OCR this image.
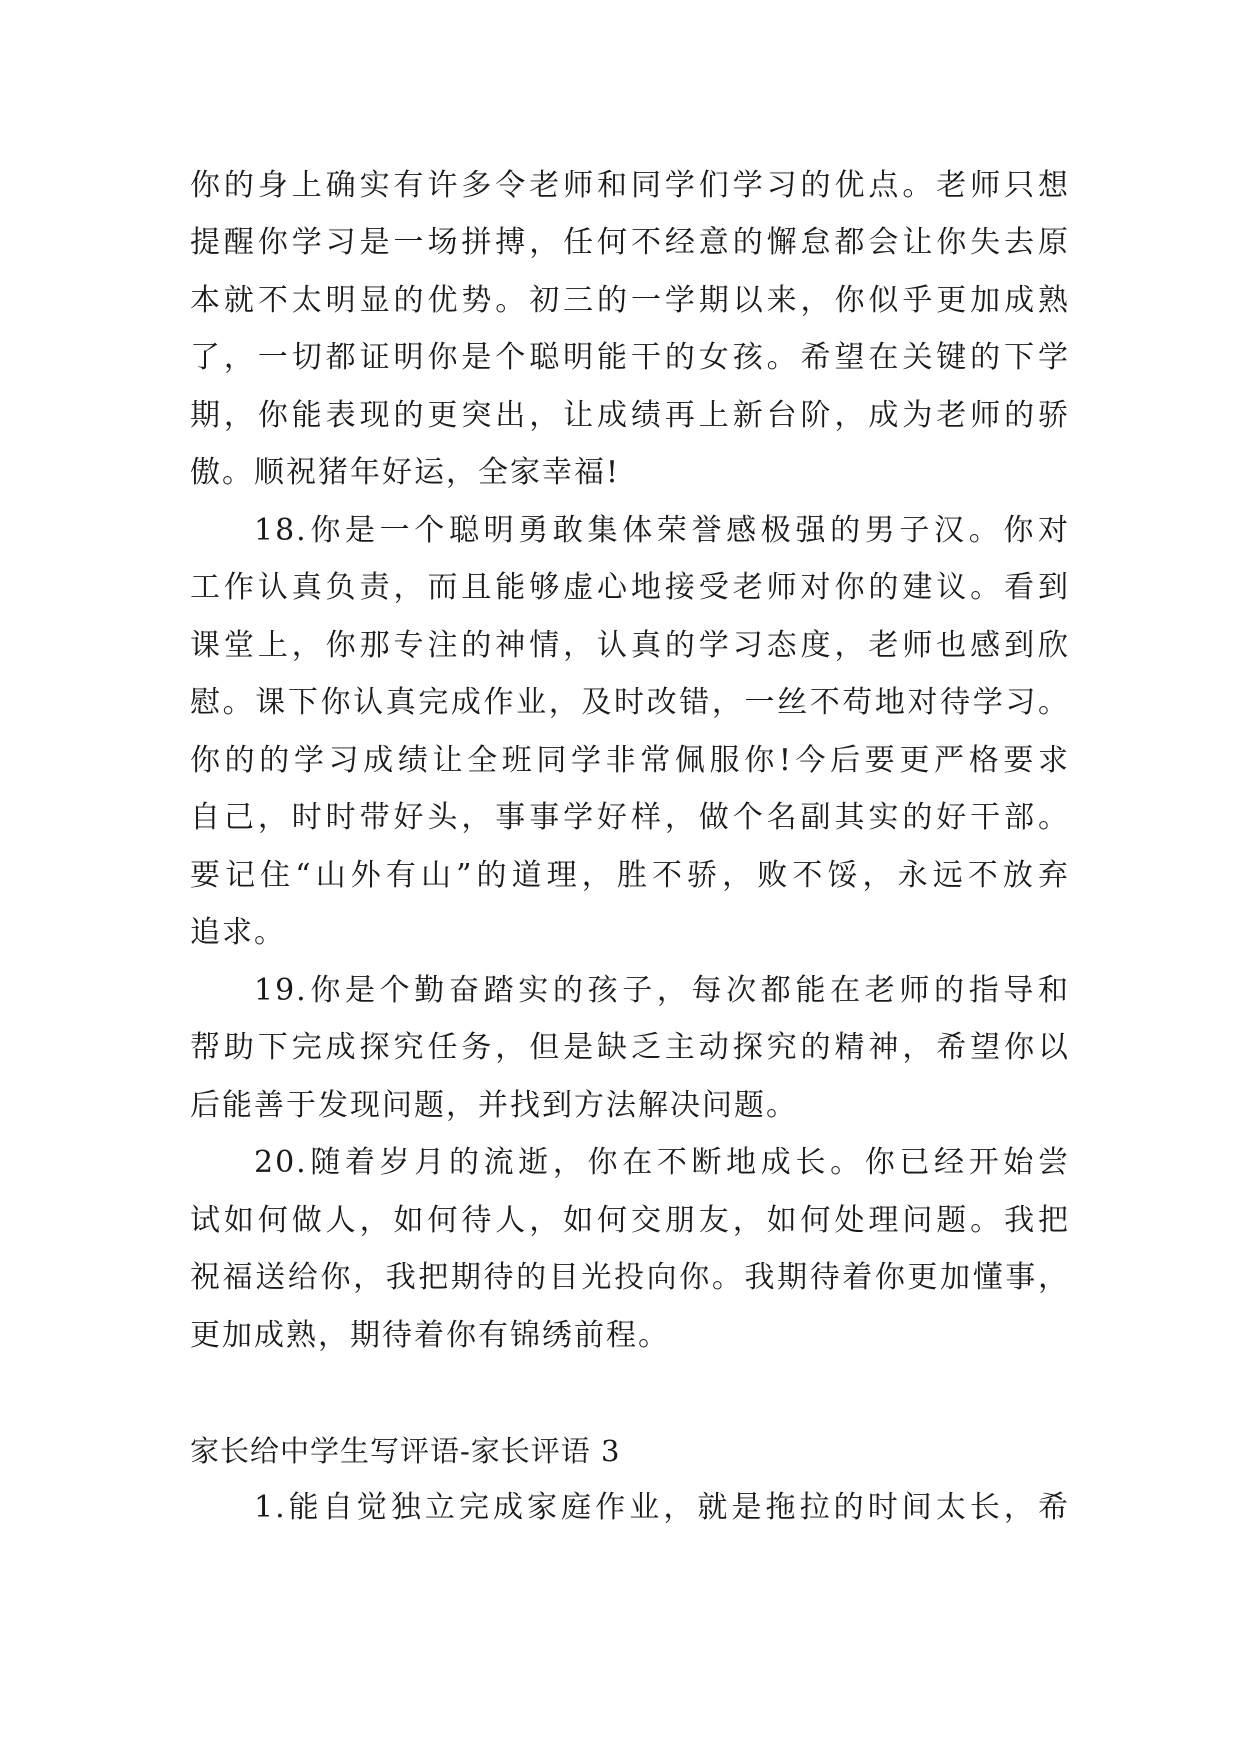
你的身上确实有许多令老师和同学们学习的优点。老师只想
提醒你学习是一场拼搏，任何不经意的懈怠都会让你失去原
本就不太明显的优势。初三的一学期以来，你似乎更加成熟
了，一切都证明你是个聪明能干的女孩。希望在关键的下学
期，你能表现的更突出，让成绩再上新台阶，成为老师的骄
傲。顺祝猪年好运，全家幸福!
18.你是一个聪明勇敢集体荣誉感极强的男子汉。你对
工作认真负责，而且能够虚心地接受老师对你的建议。看到
课堂上，你那专注的神情，认真的学习态度，老师也感到欣
慰。课下你认真完成作业，及时改错，一丝不苟地对待学习。
你的的学习成绩让全班同学非常佩服你!今后要更严格要求
自己，时时带好头，事事学好样，做个名副其实的好干部。
要记住“山外有山”的道理，胜不骄，败不馁，永远不放弃
追求。
19.你是个勤奋踏实的孩子，每次都能在老师的指导和
帮助下完成探究任务，但是缺乏主动探究的精神，希望你以
后能善于发现问题，并找到方法解决问题。
20.随着岁月的流逝，你在不断地成长。你已经开始尝
试如何做人，如何待人，如何交朋友，如何处理问题。我把
祝福送给你，我把期待的目光投向你。我期待着你更加懂事，
更加成熟，期待着你有锦绣前程。
家长给中学生写评语-家长评语 3
1.能自觉独立完成家庭作业，就是拖拉的时间太长，希
